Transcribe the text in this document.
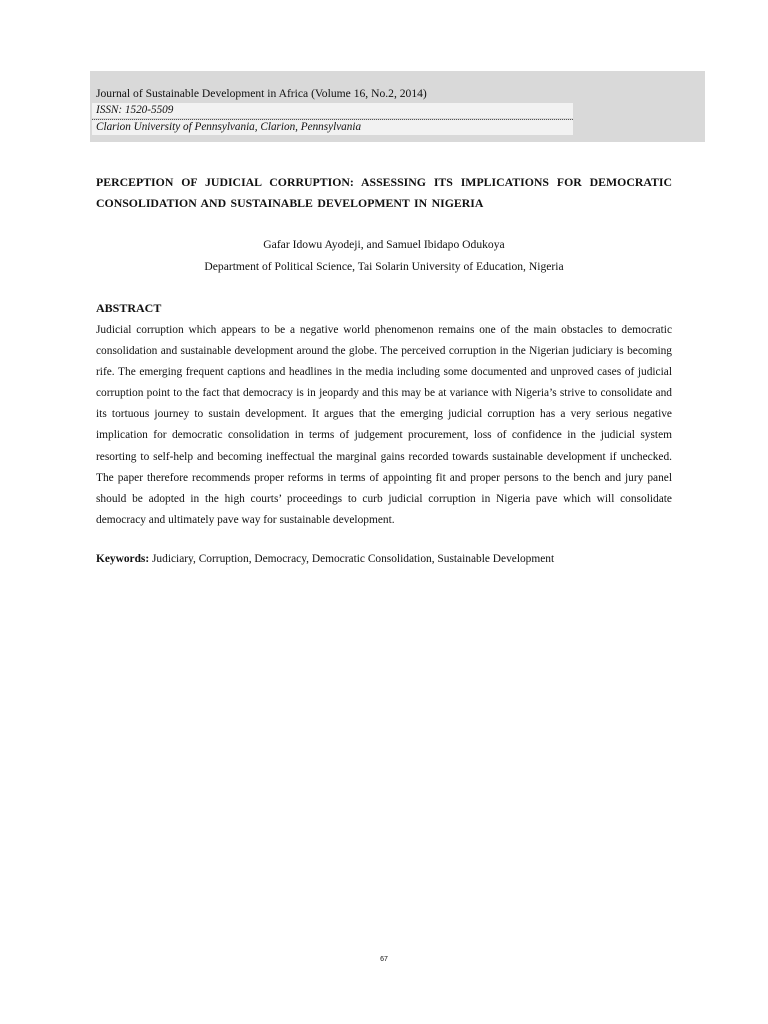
Journal of Sustainable Development in Africa (Volume 16, No.2, 2014)
ISSN: 1520-5509
Clarion University of Pennsylvania, Clarion, Pennsylvania
PERCEPTION OF JUDICIAL CORRUPTION: ASSESSING ITS IMPLICATIONS FOR DEMOCRATIC CONSOLIDATION AND SUSTAINABLE DEVELOPMENT IN NIGERIA
Gafar Idowu Ayodeji, and Samuel Ibidapo Odukoya
Department of Political Science, Tai Solarin University of Education, Nigeria
ABSTRACT

Judicial corruption which appears to be a negative world phenomenon remains one of the main obstacles to democratic consolidation and sustainable development around the globe. The perceived corruption in the Nigerian judiciary is becoming rife. The emerging frequent captions and headlines in the media including some documented and unproved cases of judicial corruption point to the fact that democracy is in jeopardy and this may be at variance with Nigeria’s strive to consolidate and its tortuous journey to sustain development. It argues that the emerging judicial corruption has a very serious negative implication for democratic consolidation in terms of judgement procurement, loss of confidence in the judicial system resorting to self-help and becoming ineffectual the marginal gains recorded towards sustainable development if unchecked. The paper therefore recommends proper reforms in terms of appointing fit and proper persons to the bench and jury panel should be adopted in the high courts’ proceedings to curb judicial corruption in Nigeria pave which will consolidate democracy and ultimately pave way for sustainable development.

Keywords: Judiciary, Corruption, Democracy, Democratic Consolidation, Sustainable Development
67
